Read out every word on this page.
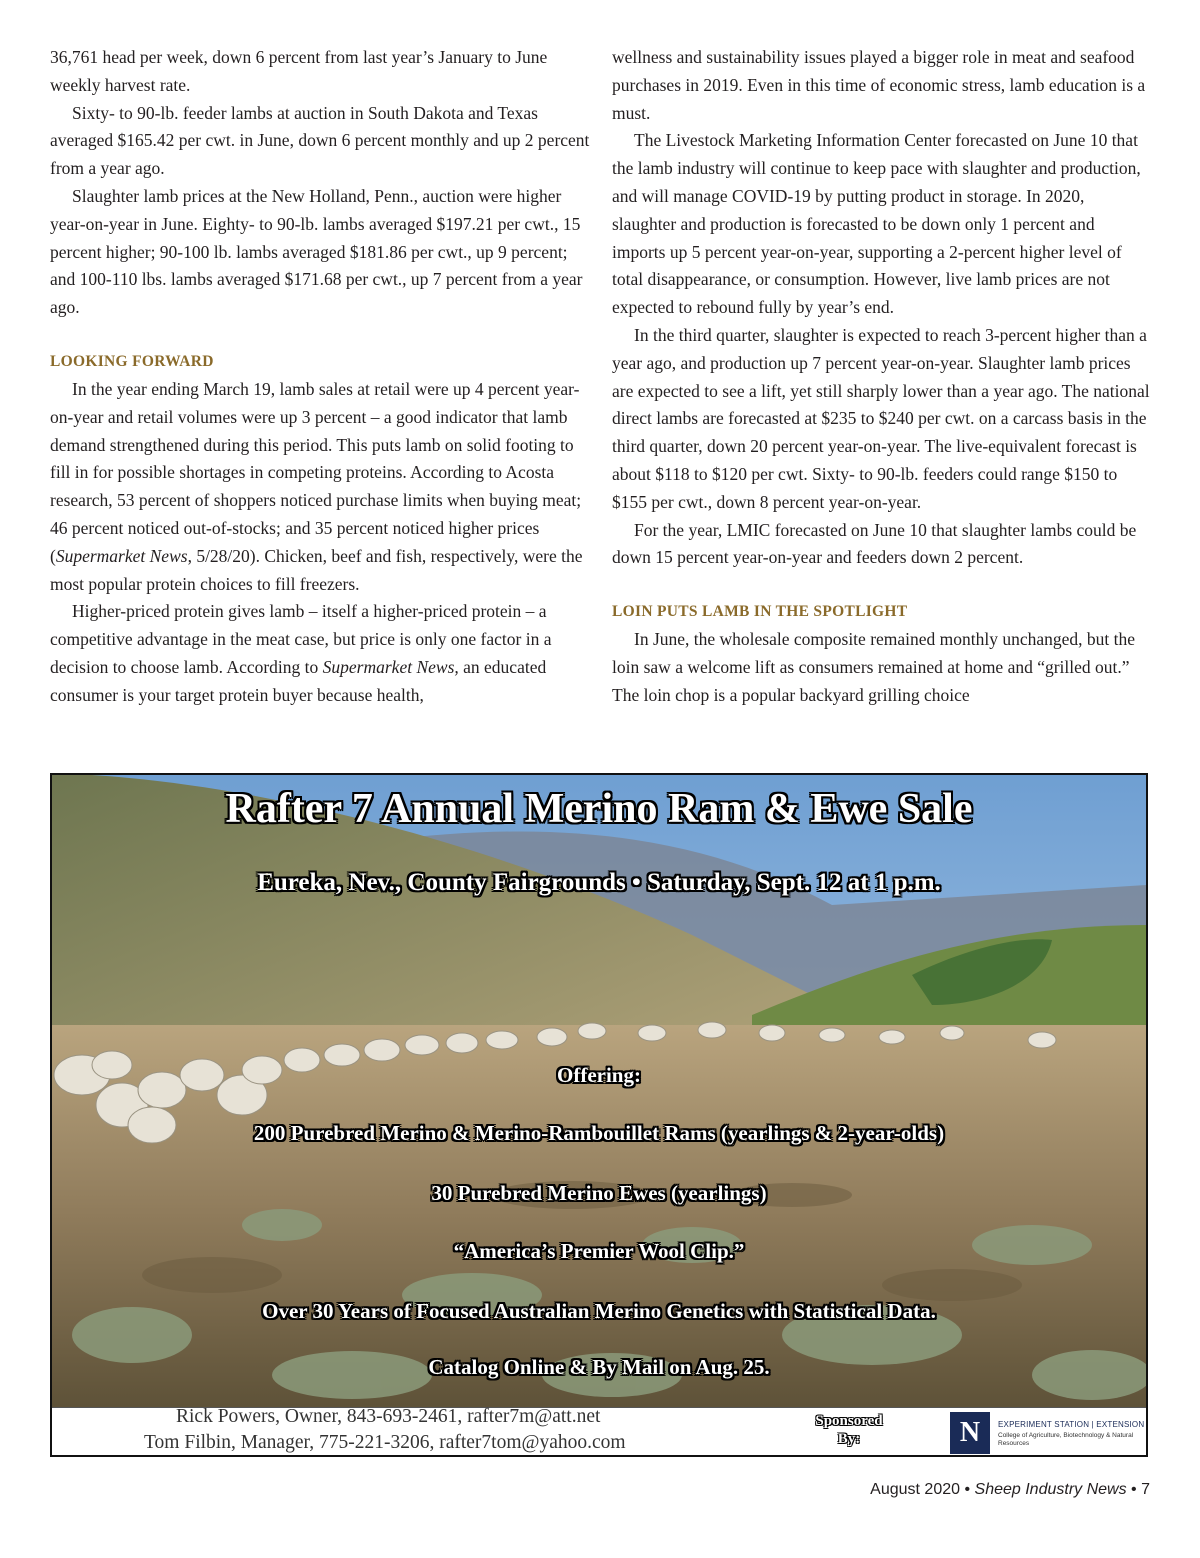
36,761 head per week, down 6 percent from last year’s January to June weekly harvest rate.

Sixty- to 90-lb. feeder lambs at auction in South Dakota and Texas averaged $165.42 per cwt. in June, down 6 percent monthly and up 2 percent from a year ago.

Slaughter lamb prices at the New Holland, Penn., auction were higher year-on-year in June. Eighty- to 90-lb. lambs averaged $197.21 per cwt., 15 percent higher; 90-100 lb. lambs averaged $181.86 per cwt., up 9 percent; and 100-110 lbs. lambs averaged $171.68 per cwt., up 7 percent from a year ago.

LOOKING FORWARD

In the year ending March 19, lamb sales at retail were up 4 percent year-on-year and retail volumes were up 3 percent – a good indicator that lamb demand strengthened during this period. This puts lamb on solid footing to fill in for possible shortages in competing proteins. According to Acosta research, 53 percent of shoppers noticed purchase limits when buying meat; 46 percent noticed out-of-stocks; and 35 percent noticed higher prices (Supermarket News, 5/28/20). Chicken, beef and fish, respectively, were the most popular protein choices to fill freezers.

Higher-priced protein gives lamb – itself a higher-priced protein – a competitive advantage in the meat case, but price is only one factor in a decision to choose lamb. According to Supermarket News, an educated consumer is your target protein buyer because health,

wellness and sustainability issues played a bigger role in meat and seafood purchases in 2019. Even in this time of economic stress, lamb education is a must.

The Livestock Marketing Information Center forecasted on June 10 that the lamb industry will continue to keep pace with slaughter and production, and will manage COVID-19 by putting product in storage. In 2020, slaughter and production is forecasted to be down only 1 percent and imports up 5 percent year-on-year, supporting a 2-percent higher level of total disappearance, or consumption. However, live lamb prices are not expected to rebound fully by year’s end.

In the third quarter, slaughter is expected to reach 3-percent higher than a year ago, and production up 7 percent year-on-year. Slaughter lamb prices are expected to see a lift, yet still sharply lower than a year ago. The national direct lambs are forecasted at $235 to $240 per cwt. on a carcass basis in the third quarter, down 20 percent year-on-year. The live-equivalent forecast is about $118 to $120 per cwt. Sixty- to 90-lb. feeders could range $150 to $155 per cwt., down 8 percent year-on-year.

For the year, LMIC forecasted on June 10 that slaughter lambs could be down 15 percent year-on-year and feeders down 2 percent.

LOIN PUTS LAMB IN THE SPOTLIGHT

In June, the wholesale composite remained monthly unchanged, but the loin saw a welcome lift as consumers remained at home and “grilled out.” The loin chop is a popular backyard grilling choice

Rafter 7 Annual Merino Ram & Ewe Sale
Eureka, Nev., County Fairgrounds • Saturday, Sept. 12 at 1 p.m.
Offering:
200 Purebred Merino & Merino-Rambouillet Rams (yearlings & 2-year-olds)
30 Purebred Merino Ewes (yearlings)
“America’s Premier Wool Clip.”
Over 30 Years of Focused Australian Merino Genetics with Statistical Data.
Catalog Online & By Mail on Aug. 25.
Rick Powers, Owner, 843-693-2461, rafter7m@att.net
Tom Filbin, Manager, 775-221-3206, rafter7tom@yahoo.com
Sponsored By:	N	EXPERIMENT STATION | EXTENSION
College of Agriculture, Biotechnology & Natural Resources
August 2020 • Sheep Industry News • 7
